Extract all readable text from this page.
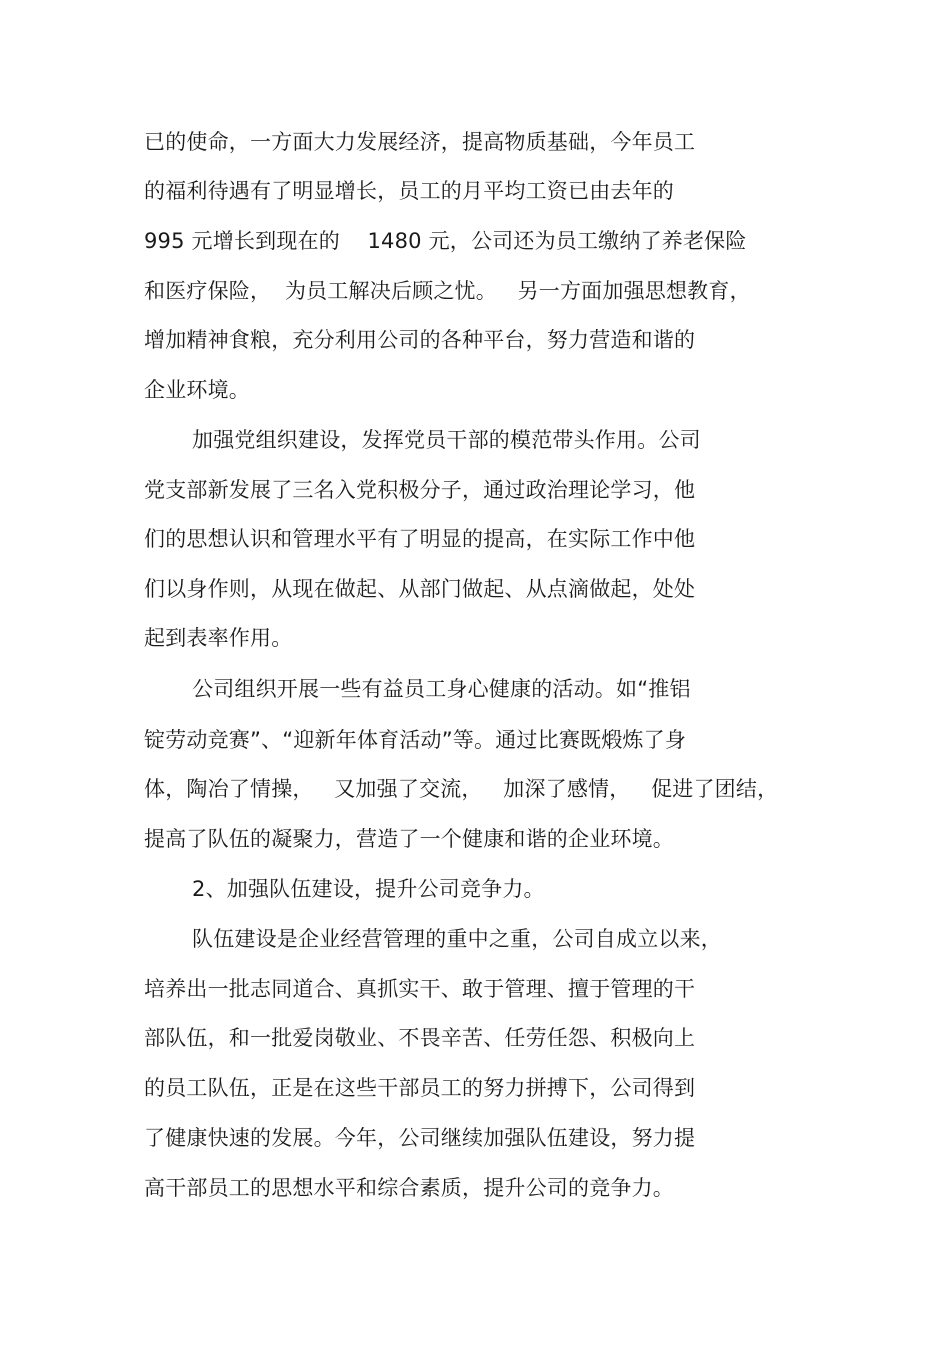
已的使命，一方面大力发展经济，提高物质基础，今年员工
的福利待遇有了明显增长，员工的月平均工资已由去年的
995 元增长到现在的    1480 元，公司还为员工缴纳了养老保险
和医疗保险，  为员工解决后顾之忧。   另一方面加强思想教育，
增加精神食粮，充分利用公司的各种平台，努力营造和谐的
企业环境。
加强党组织建设，发挥党员干部的模范带头作用。公司
党支部新发展了三名入党积极分子，通过政治理论学习，他
们的思想认识和管理水平有了明显的提高，在实际工作中他
们以身作则，从现在做起、从部门做起、从点滴做起，处处
起到表率作用。
公司组织开展一些有益员工身心健康的活动。如“推铝
锭劳动竞赛”、“迎新年体育活动”等。通过比赛既煅炼了身
体，陶冶了情操，   又加强了交流，   加深了感情，   促进了团结，
提高了队伍的凝聚力，营造了一个健康和谐的企业环境。
2、加强队伍建设，提升公司竞争力。
队伍建设是企业经营管理的重中之重，公司自成立以来，
培养出一批志同道合、真抓实干、敢于管理、擅于管理的干
部队伍，和一批爱岗敬业、不畏辛苦、任劳任怨、积极向上
的员工队伍，正是在这些干部员工的努力拼搏下，公司得到
了健康快速的发展。今年，公司继续加强队伍建设，努力提
高干部员工的思想水平和综合素质，提升公司的竞争力。
